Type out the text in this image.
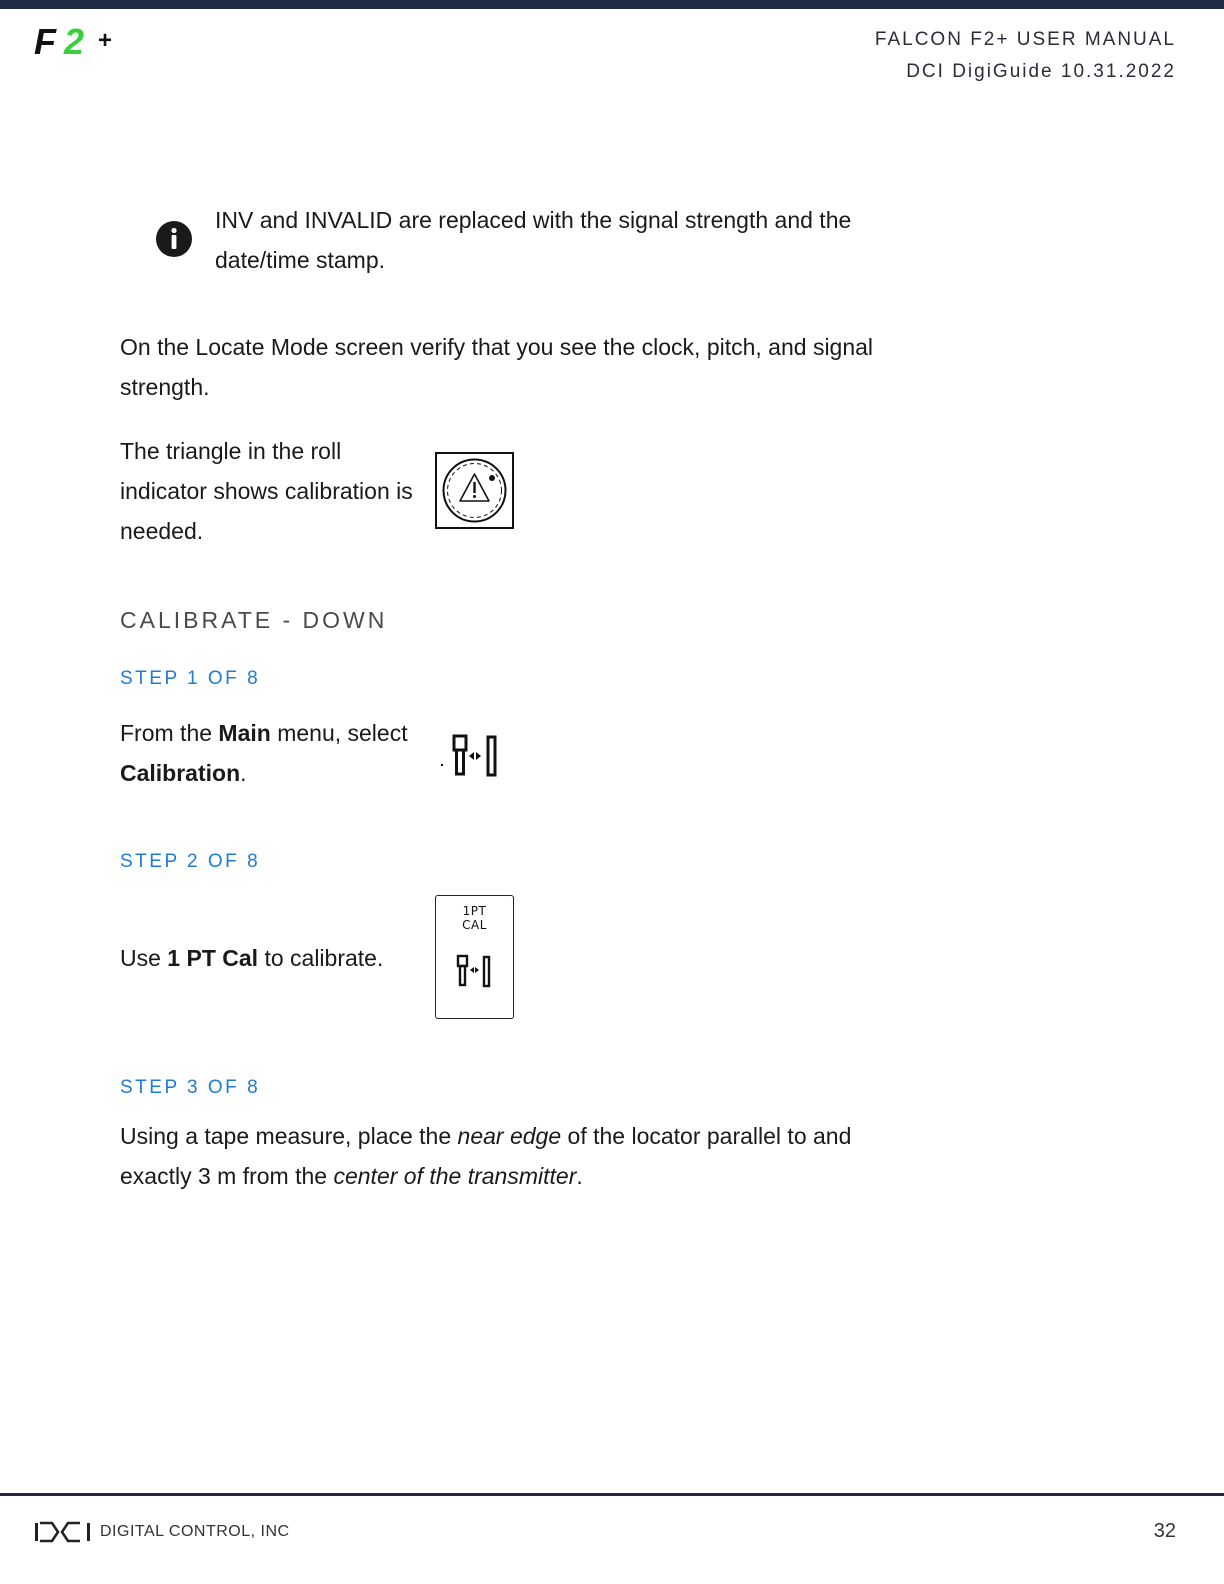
F 2 +	FALCON F2+ USER MANUAL
DCI DigiGuide 10.31.2022
INV and INVALID are replaced with the signal strength and the date/time stamp.
On the Locate Mode screen verify that you see the clock, pitch, and signal strength.
The triangle in the roll indicator shows calibration is needed.
CALIBRATE - DOWN
STEP 1 OF 8
From the Main menu, select Calibration.
STEP 2 OF 8
Use 1 PT Cal to calibrate.
1PT
CAL
STEP 3 OF 8
Using a tape measure, place the near edge of the locator parallel to and exactly 3 m from the center of the transmitter.
DIGITAL CONTROL, INC	32
